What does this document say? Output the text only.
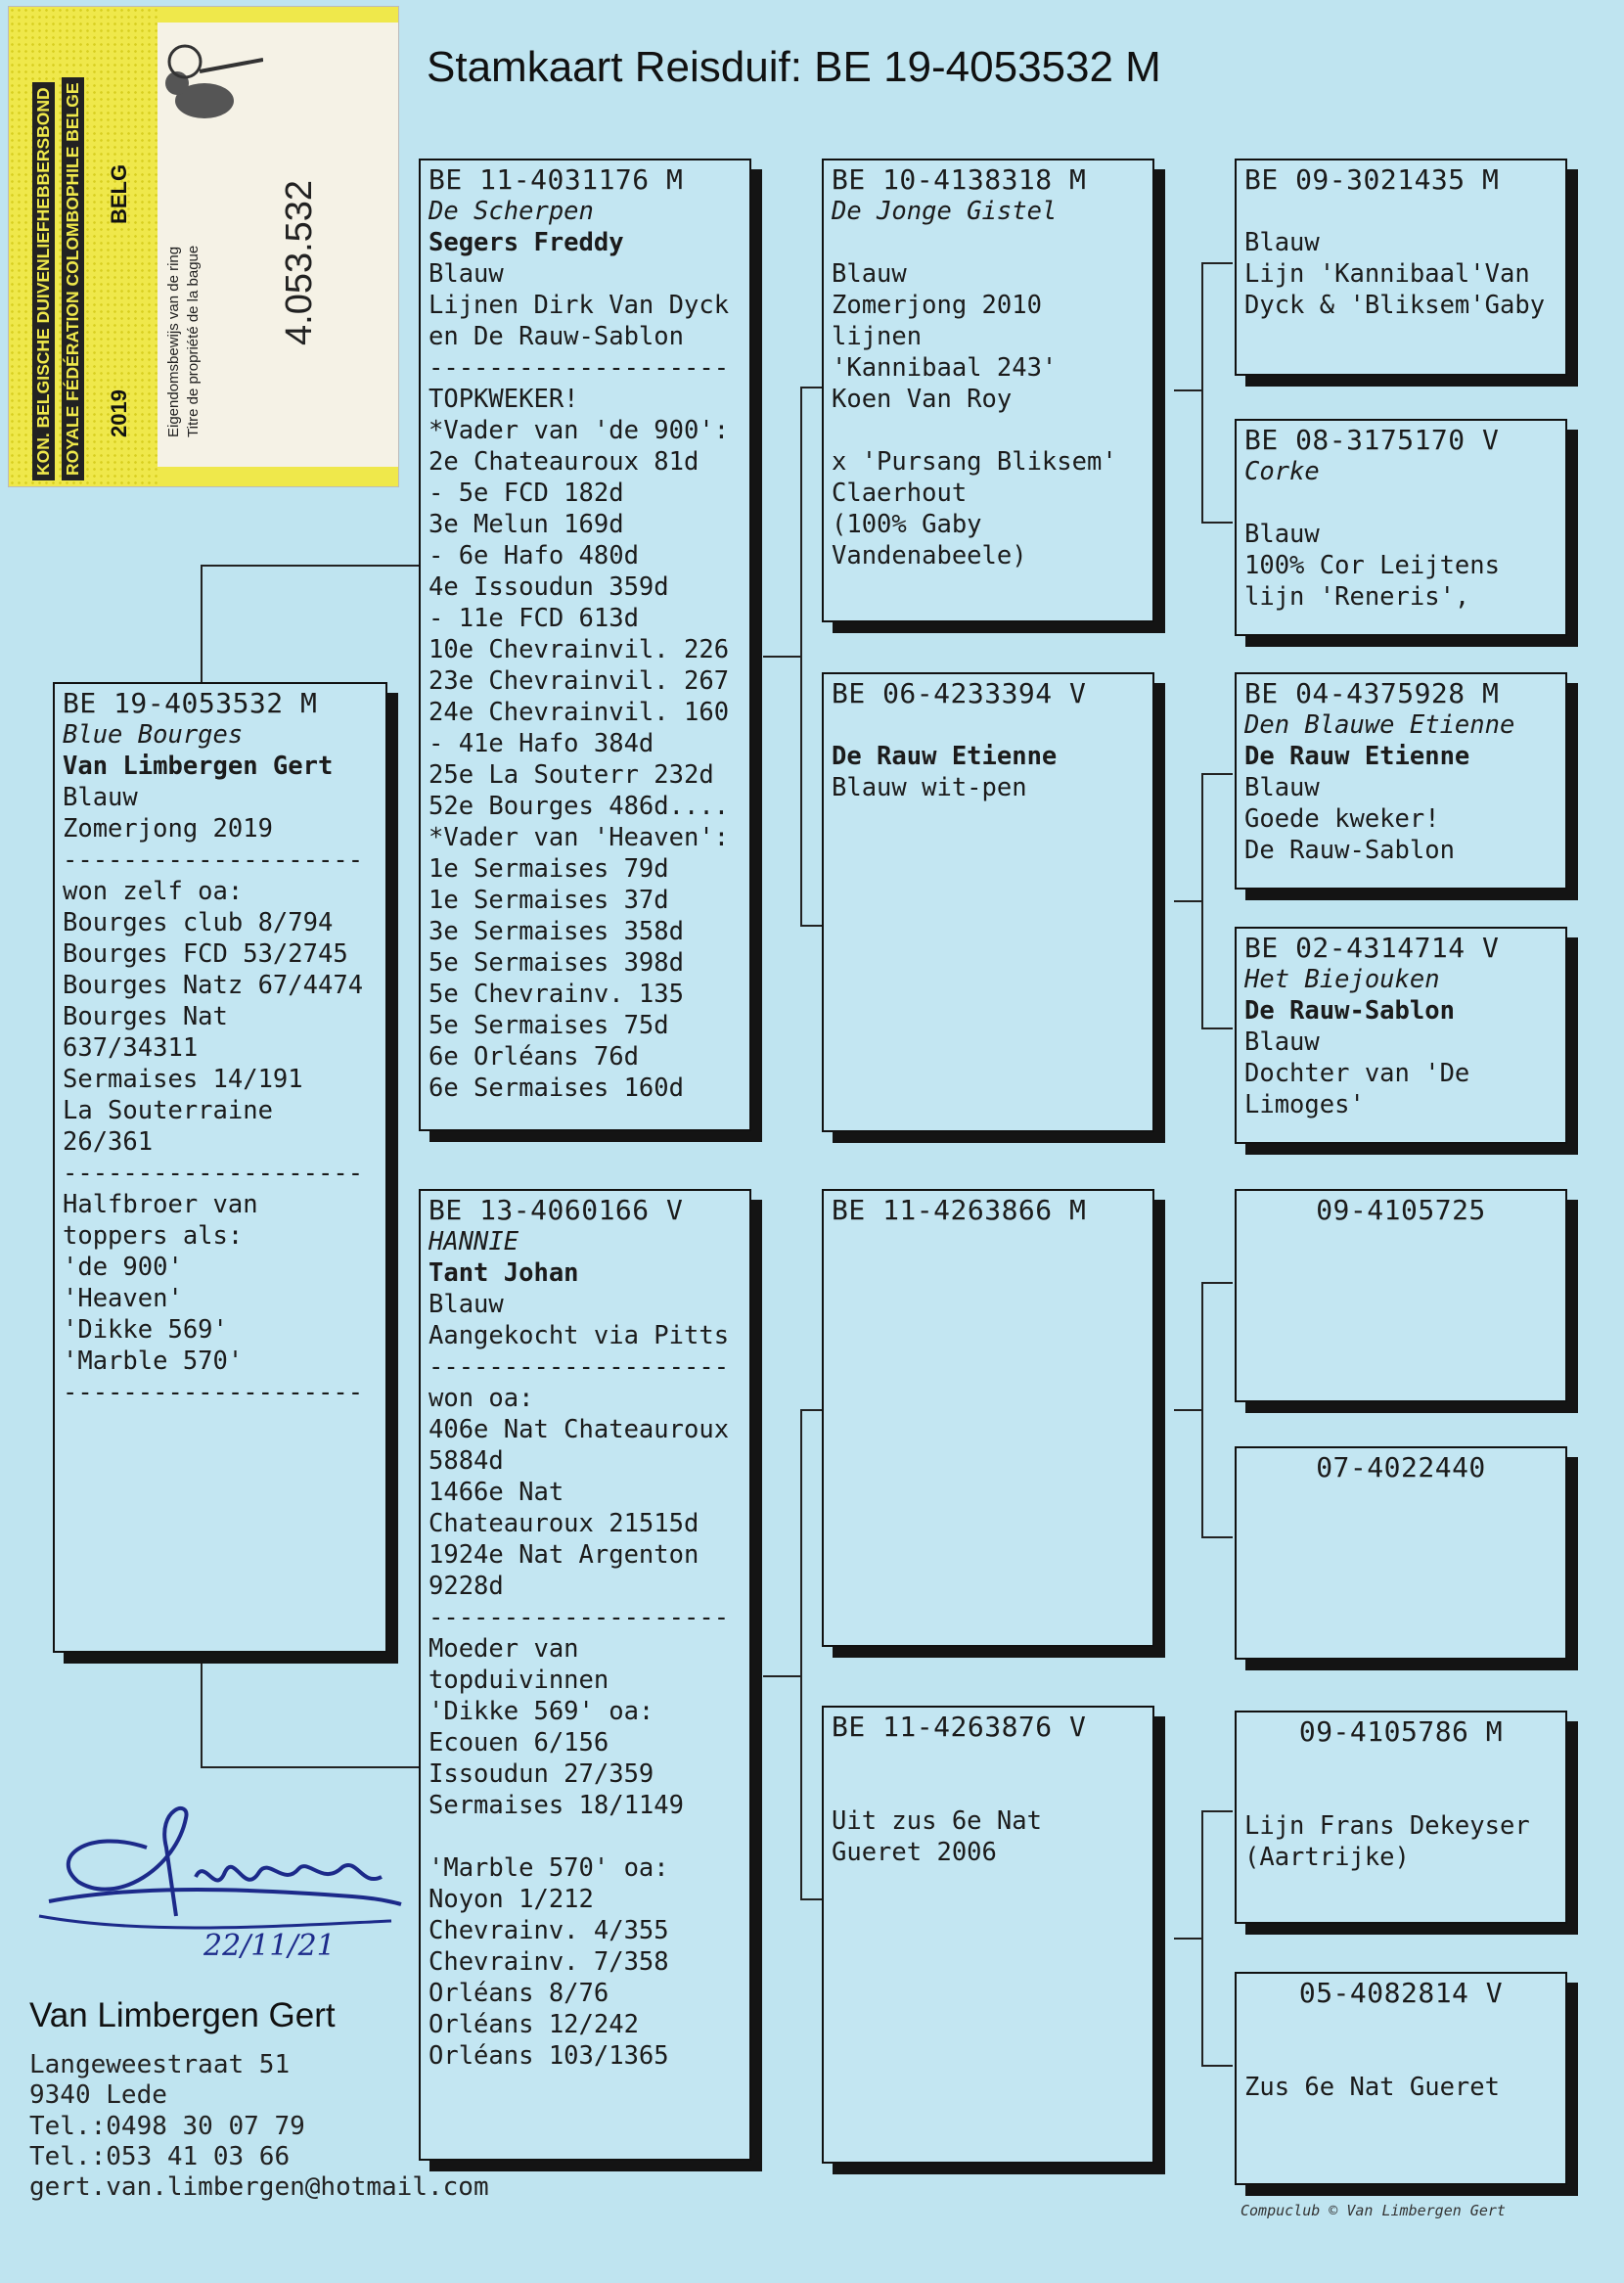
KON. BELGISCHE DUIVENLIEFHEBBERSBOND ROYALE FÉDÉRATION COLOMBOPHILE BELGE 2019
BELG
Eigendomsbewijs van de ring Titre de propriété de la bague 4.053.532
Stamkaart Reisduif: BE 19-4053532 M
BE 19-4053532 M
Blue Bourges
Van Limbergen Gert
Blauw
Zomerjong 2019
--------------------
won zelf oa:
Bourges club 8/794
Bourges FCD 53/2745
Bourges Natz 67/4474
Bourges Nat
637/34311
Sermaises 14/191
La Souterraine
26/361
--------------------
Halfbroer van
toppers als:
'de 900'
'Heaven'
'Dikke 569'
'Marble 570'
--------------------
BE 11-4031176 M
De Scherpen
Segers Freddy
Blauw
Lijnen Dirk Van Dyck
en De Rauw-Sablon
--------------------
TOPKWEKER!
*Vader van 'de 900':
2e Chateauroux 81d
- 5e FCD 182d
3e Melun 169d
- 6e Hafo 480d
4e Issoudun 359d
- 11e FCD 613d
10e Chevrainvil. 226
23e Chevrainvil. 267
24e Chevrainvil. 160
- 41e Hafo 384d
25e La Souterr 232d
52e Bourges 486d....
*Vader van 'Heaven':
1e Sermaises 79d
1e Sermaises 37d
3e Sermaises 358d
5e Sermaises 398d
5e Chevrainv. 135
5e Sermaises 75d
6e Orléans 76d
6e Sermaises 160d
BE 13-4060166 V
HANNIE
Tant Johan
Blauw
Aangekocht via Pitts
--------------------
won oa:
406e Nat Chateauroux
5884d
1466e Nat
Chateauroux 21515d
1924e Nat Argenton
9228d
--------------------
Moeder van
topduivinnen
'Dikke 569' oa:
Ecouen 6/156
Issoudun 27/359
Sermaises 18/1149
'Marble 570' oa:
Noyon 1/212
Chevrainv. 4/355
Chevrainv. 7/358
Orléans 8/76
Orléans 12/242
Orléans 103/1365
BE 10-4138318 M
De Jonge Gistel
Blauw
Zomerjong 2010
lijnen
'Kannibaal 243'
Koen Van Roy
x 'Pursang Bliksem'
Claerhout
(100% Gaby
Vandenabeele)
BE 06-4233394 V
De Rauw Etienne
Blauw wit-pen
BE 11-4263866 M
BE 11-4263876 V
Uit zus 6e Nat
Gueret 2006
BE 09-3021435 M
Blauw
Lijn 'Kannibaal'Van
Dyck & 'Bliksem'Gaby
BE 08-3175170 V
Corke
Blauw
100% Cor Leijtens
lijn 'Reneris',
BE 04-4375928 M
Den Blauwe Etienne
De Rauw Etienne
Blauw
Goede kweker!
De Rauw-Sablon
BE 02-4314714 V
Het Biejouken
De Rauw-Sablon
Blauw
Dochter van 'De
Limoges'
09-4105725
07-4022440
09-4105786 M
Lijn Frans Dekeyser
(Aartrijke)
05-4082814 V
Zus 6e Nat Gueret
22/11/21
Van Limbergen Gert
Langeweestraat 51
9340 Lede
Tel.:0498 30 07 79
Tel.:053 41 03 66
gert.van.limbergen@hotmail.com
Compuclub © Van Limbergen Gert
